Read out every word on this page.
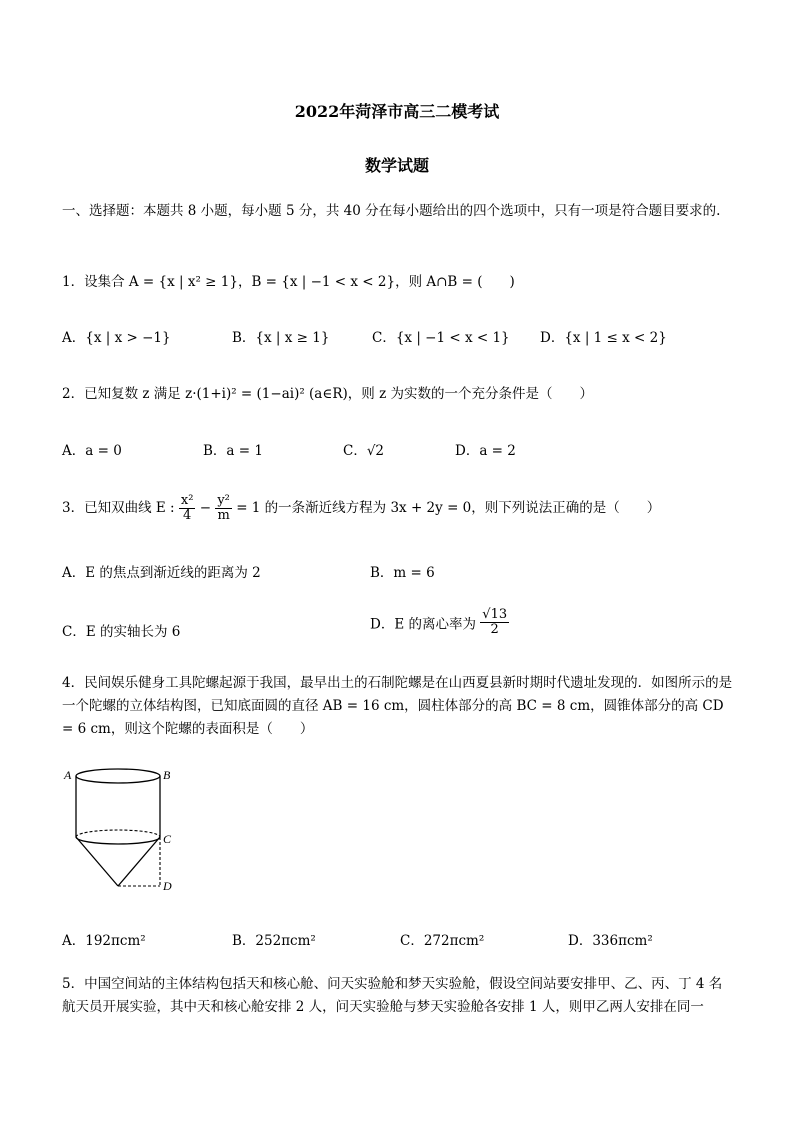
2022年菏泽市高三二模考试
数学试题
一、选择题：本题共 8 小题，每小题 5 分，共 40 分在每小题给出的四个选项中，只有一项是符合题目要求的.
1．设集合 A = {x | x² ≥ 1}，B = {x | −1 < x < 2}，则 A∩B = (　　)
A．{x | x > −1}	B．{x | x ≥ 1}	C．{x | −1 < x < 1} D．{x | 1 ≤ x < 2}
2．已知复数 z 满足 z·(1+i)² = (1−ai)² (a∈R)，则 z 为实数的一个充分条件是（　　）
A．a = 0	B．a = 1	C．√2	D．a = 2
3．已知双曲线 E : $\frac{\text{x²}}{4} - \frac{\text{y²}}{m} = 1$ 的一条渐近线方程为 3x + 2y = 0，则下列说法正确的是（　　）
A．E 的焦点到渐近线的距离为 2	B．m = 6
C．E 的实轴长为 6	D．E 的离心率为 $\frac{√13}{2}$
4．民间娱乐健身工具陀螺起源于我国，最早出土的石制陀螺是在山西夏县新时期时代遗址发现的．如图所示的是一个陀螺的立体结构图，已知底面圆的直径 AB = 16 cm，圆柱体部分的高 BC = 8 cm，圆锥体部分的高 CD = 6 cm，则这个陀螺的表面积是（　　）
A	B
C
D
A．192πcm²	B．252πcm²	C．272πcm²	D．336πcm²
5．中国空间站的主体结构包括天和核心舱、问天实验舱和梦天实验舱，假设空间站要安排甲、乙、丙、丁 4 名航天员开展实验，其中天和核心舱安排 2 人，问天实验舱与梦天实验舱各安排 1 人，则甲乙两人安排在同一
